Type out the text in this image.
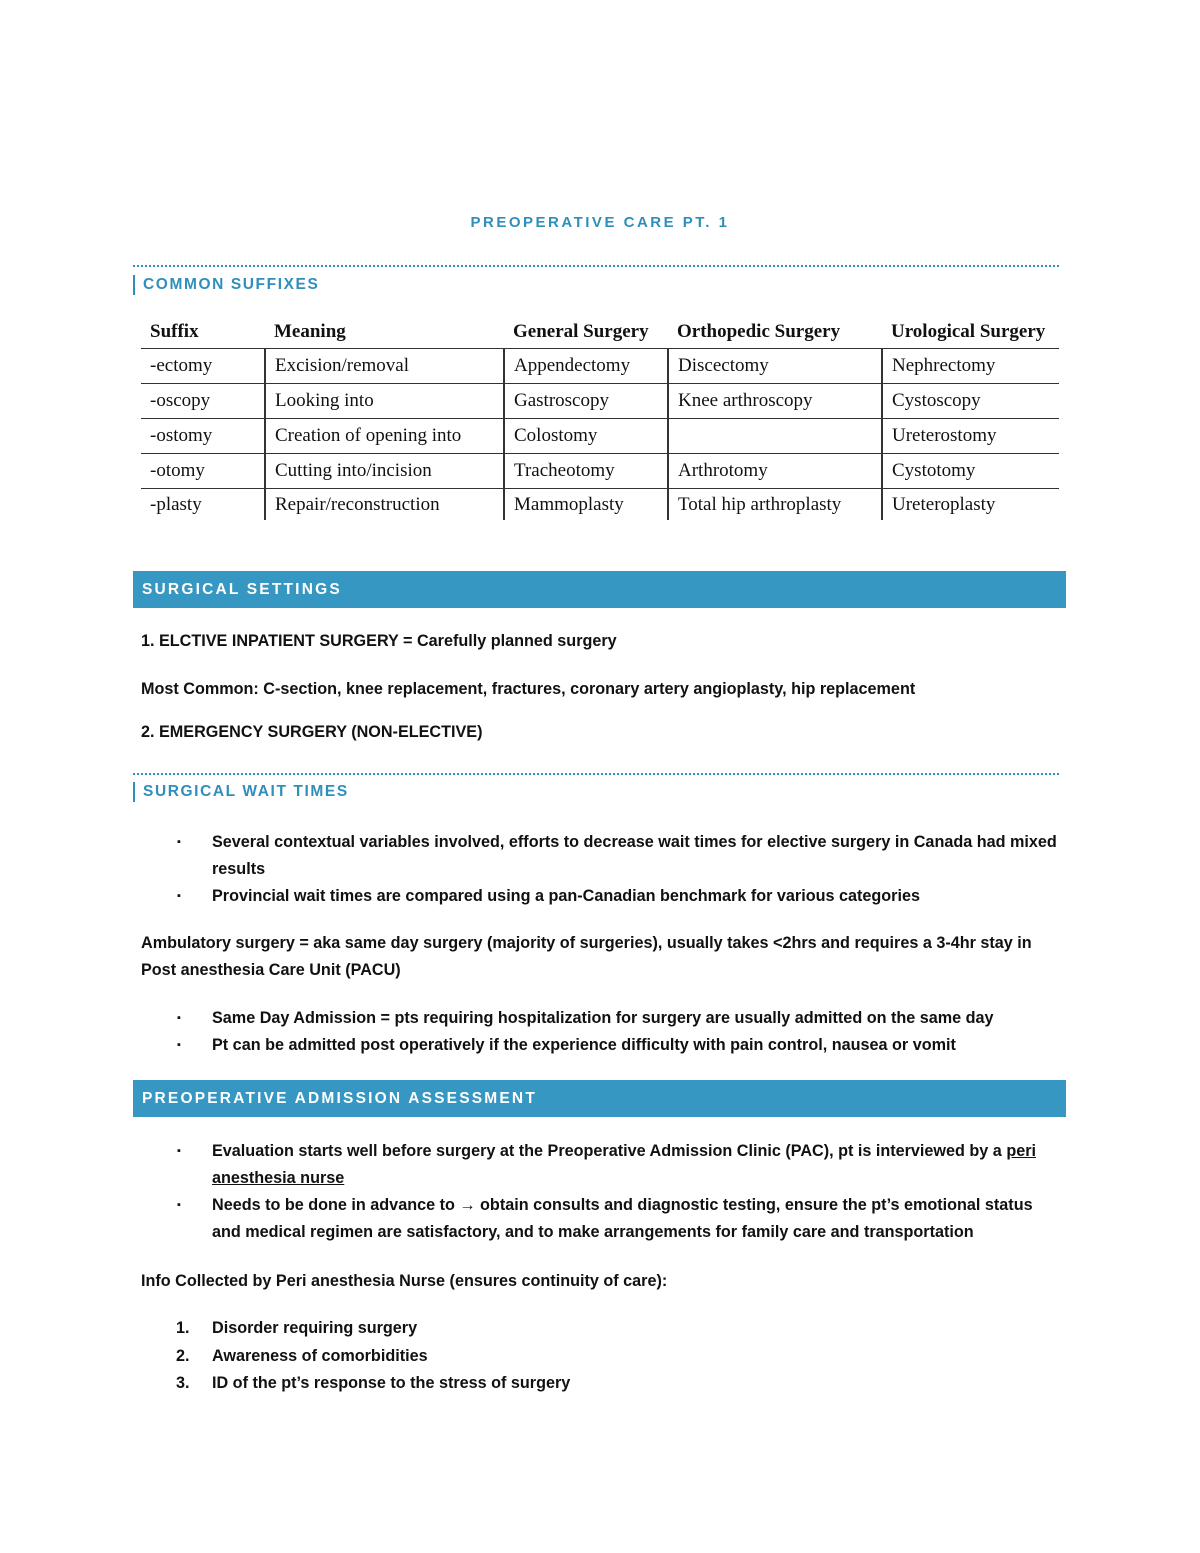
PREOPERATIVE CARE PT. 1
COMMON SUFFIXES
Suffix	Meaning	General Surgery	Orthopedic Surgery	Urological Surgery
-ectomy	Excision/removal	Appendectomy	Discectomy	Nephrectomy
-oscopy	Looking into	Gastroscopy	Knee arthroscopy	Cystoscopy
-ostomy	Creation of opening into	Colostomy		Ureterostomy
-otomy	Cutting into/incision	Tracheotomy	Arthrotomy	Cystotomy
-plasty	Repair/reconstruction	Mammoplasty	Total hip arthroplasty	Ureteroplasty
SURGICAL SETTINGS
1. ELCTIVE INPATIENT SURGERY = Carefully planned surgery
Most Common: C-section, knee replacement, fractures, coronary artery angioplasty, hip replacement
2. EMERGENCY SURGERY (NON-ELECTIVE)
SURGICAL WAIT TIMES
▪ Several contextual variables involved, efforts to decrease wait times for elective surgery in Canada had mixed results
▪ Provincial wait times are compared using a pan-Canadian benchmark for various categories
Ambulatory surgery = aka same day surgery (majority of surgeries), usually takes <2hrs and requires a 3-4hr stay in Post anesthesia Care Unit (PACU)
▪ Same Day Admission = pts requiring hospitalization for surgery are usually admitted on the same day
▪ Pt can be admitted post operatively if the experience difficulty with pain control, nausea or vomit
PREOPERATIVE ADMISSION ASSESSMENT
▪ Evaluation starts well before surgery at the Preoperative Admission Clinic (PAC), pt is interviewed by a peri anesthesia nurse
▪ Needs to be done in advance to → obtain consults and diagnostic testing, ensure the pt’s emotional status and medical regimen are satisfactory, and to make arrangements for family care and transportation
Info Collected by Peri anesthesia Nurse (ensures continuity of care):
1. Disorder requiring surgery
2. Awareness of comorbidities
3. ID of the pt’s response to the stress of surgery
